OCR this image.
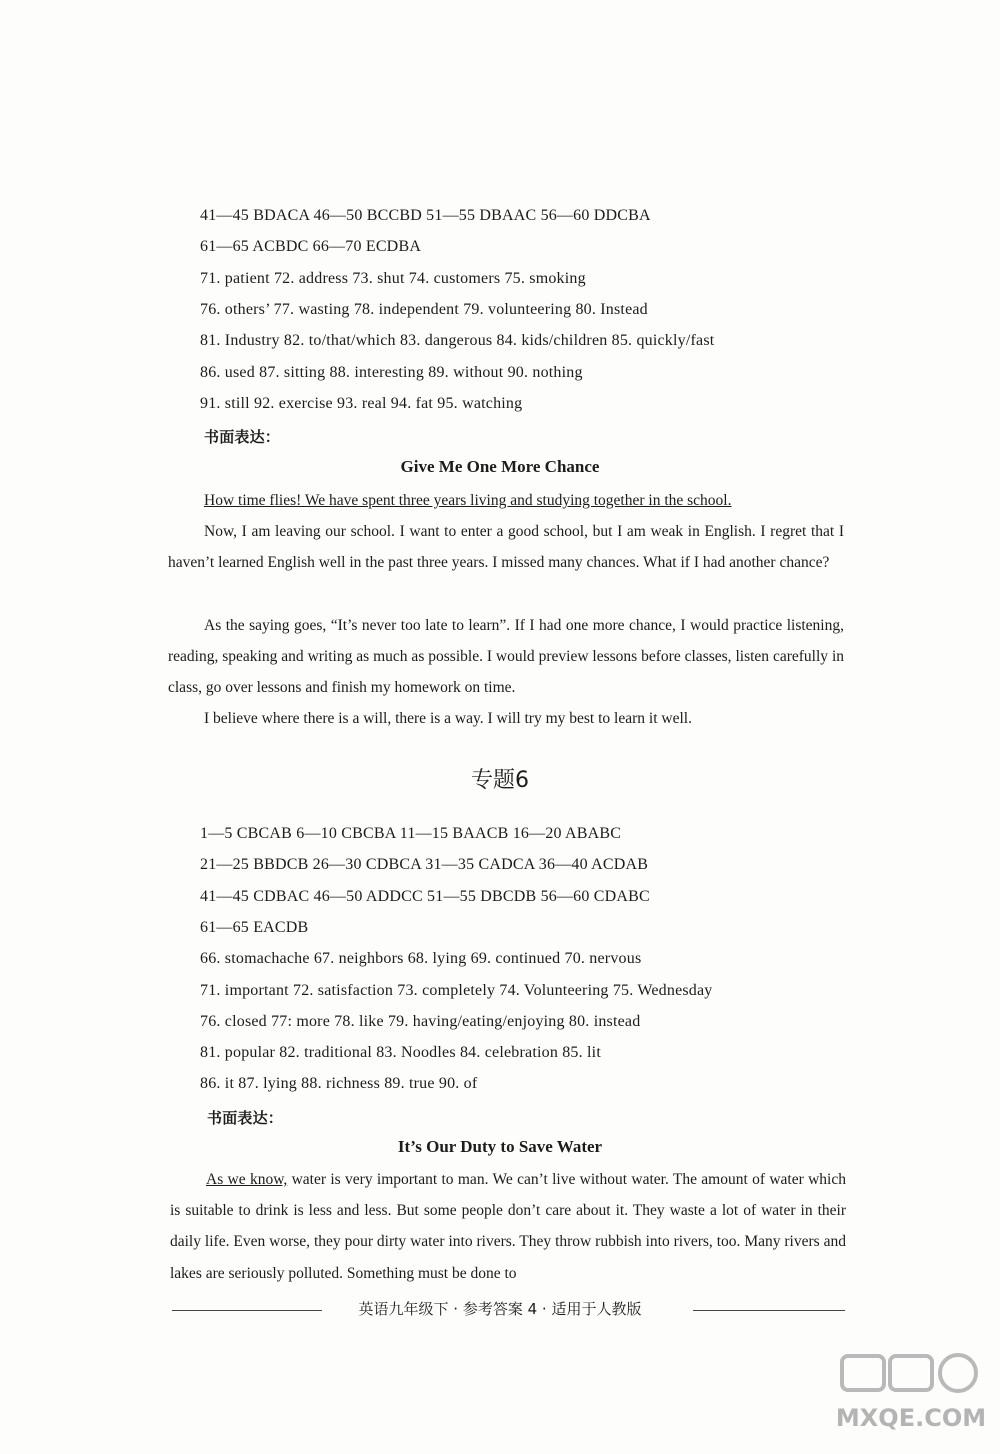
41—45 BDACA 46—50 BCCBD 51—55 DBAAC 56—60 DDCBA
61—65 ACBDC 66—70 ECDBA
71. patient 72. address 73. shut 74. customers 75. smoking
76. others’ 77. wasting 78. independent 79. volunteering 80. Instead
81. Industry 82. to/that/which 83. dangerous 84. kids/children 85. quickly/fast
86. used 87. sitting 88. interesting 89. without 90. nothing
91. still 92. exercise 93. real 94. fat 95. watching
书面表达：
Give Me One More Chance

How time flies! We have spent three years living and studying together in the school.

Now, I am leaving our school. I want to enter a good school, but I am weak in English. I regret that I haven’t learned English well in the past three years. I missed many chances. What if I had another chance?

As the saying goes, “It’s never too late to learn”. If I had one more chance, I would practice listening, reading, speaking and writing as much as possible. I would preview lessons before classes, listen carefully in class, go over lessons and finish my homework on time.

I believe where there is a will, there is a way. I will try my best to learn it well.

专题6
1—5 CBCAB 6—10 CBCBA 11—15 BAACB 16—20 ABABC
21—25 BBDCB 26—30 CDBCA 31—35 CADCA 36—40 ACDAB
41—45 CDBAC 46—50 ADDCC 51—55 DBCDB 56—60 CDABC
61—65 EACDB
66. stomachache 67. neighbors 68. lying 69. continued 70. nervous
71. important 72. satisfaction 73. completely 74. Volunteering 75. Wednesday
76. closed 77: more 78. like 79. having/eating/enjoying 80. instead
81. popular 82. traditional 83. Noodles 84. celebration 85. lit
86. it 87. lying 88. richness 89. true 90. of
书面表达：
It’s Our Duty to Save Water

As we know, water is very important to man. We can’t live without water. The amount of water which is suitable to drink is less and less. But some people don’t care about it. They waste a lot of water in their daily life. Even worse, they pour dirty water into rivers. They throw rubbish into rivers, too. Many rivers and lakes are seriously polluted. Something must be done to

英语九年级下 · 参考答案 4 · 适用于人教版
MXQE.COM
